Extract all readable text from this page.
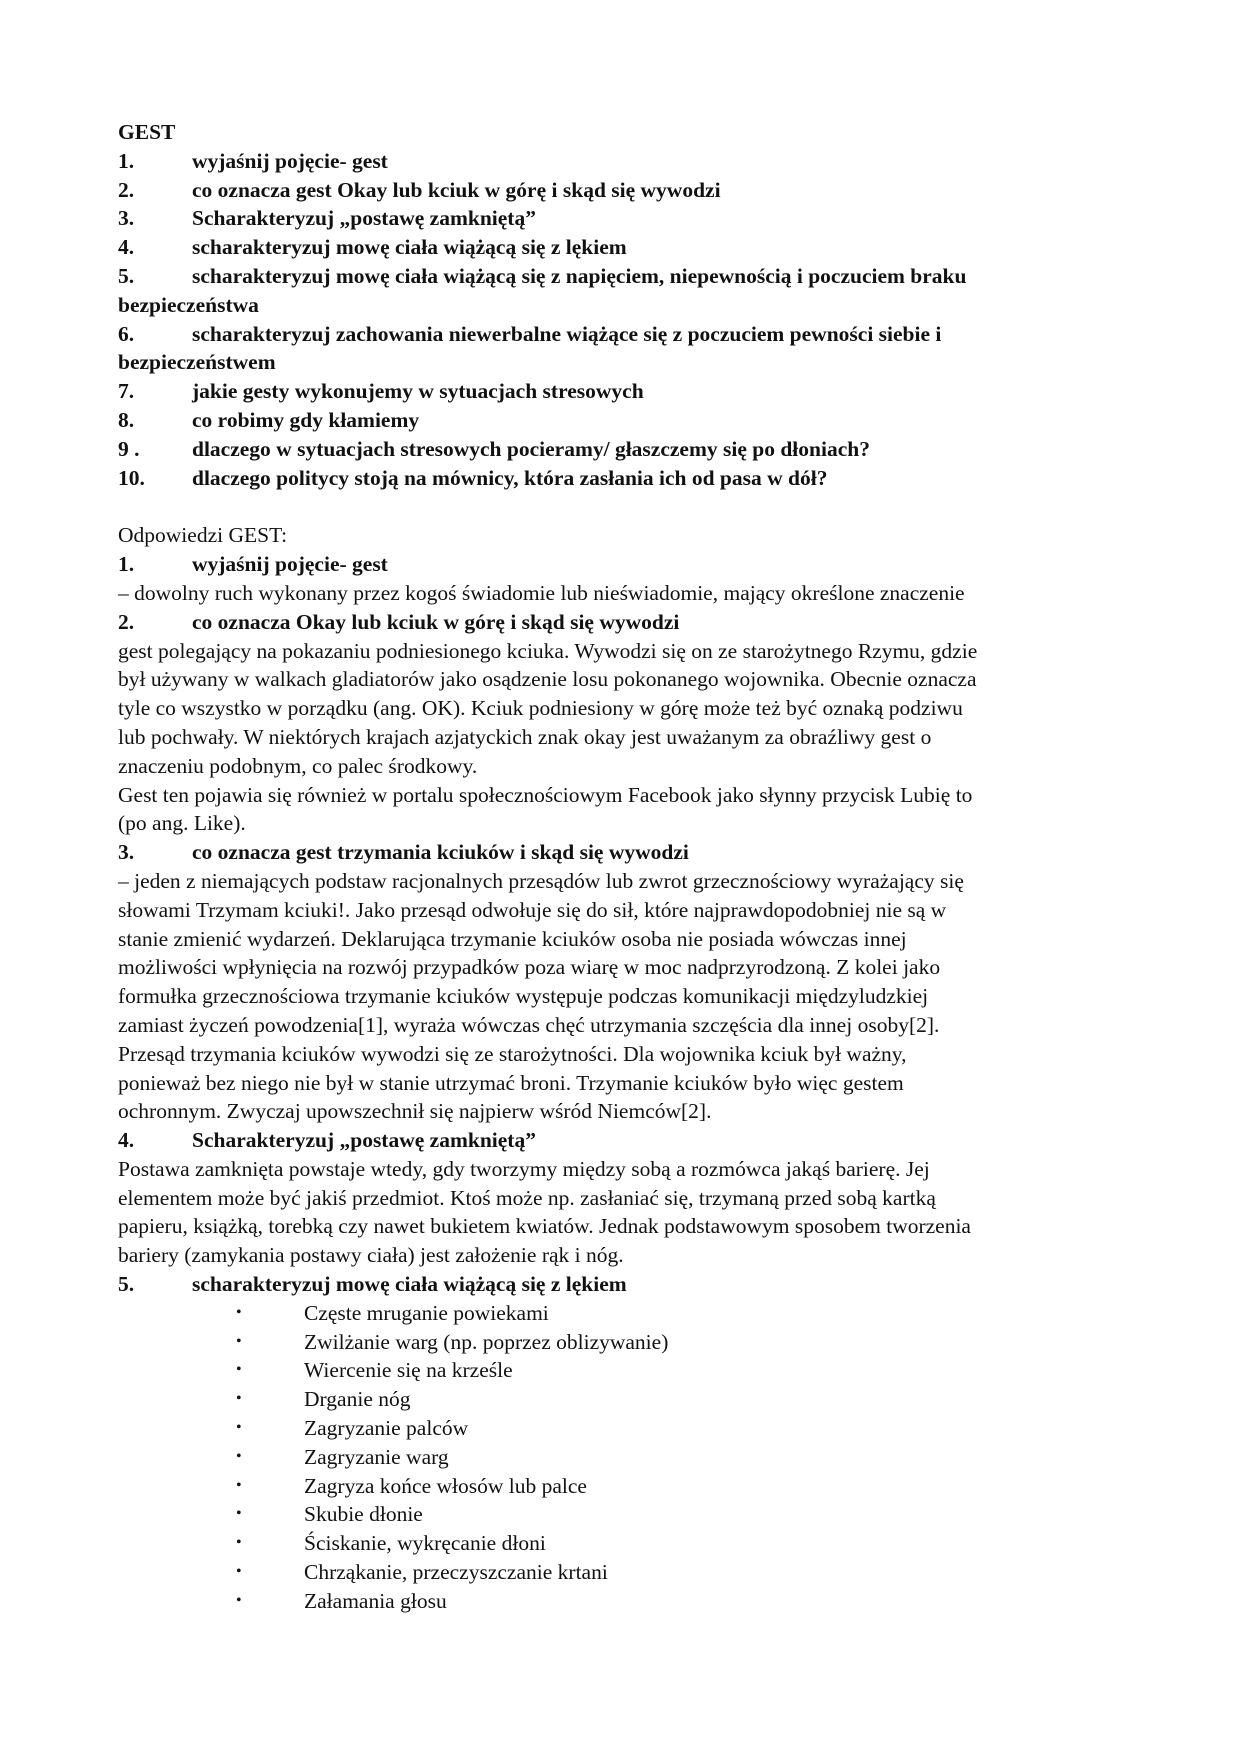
GEST

1.	wyjaśnij pojęcie- gest

2.	co oznacza gest Okay lub kciuk w górę i skąd się wywodzi

3.	Scharakteryzuj „postawę zamkniętą”

4.	scharakteryzuj mowę ciała wiążącą się z lękiem

5.	scharakteryzuj mowę ciała wiążącą się z napięciem, niepewnością i poczuciem braku

bezpieczeństwa

6.	scharakteryzuj zachowania niewerbalne wiążące się z poczuciem pewności siebie i

bezpieczeństwem

7.	jakie gesty wykonujemy w sytuacjach stresowych

8.	co robimy gdy kłamiemy

9 . dlaczego w sytuacjach stresowych pocieramy/ głaszczemy się po dłoniach?

10. dlaczego politycy stoją na mównicy, która zasłania ich od pasa w dół?

Odpowiedzi GEST:

1.	wyjaśnij pojęcie- gest

– dowolny ruch wykonany przez kogoś świadomie lub nieświadomie, mający określone znaczenie

2.	co oznacza Okay lub kciuk w górę i skąd się wywodzi

gest polegający na pokazaniu podniesionego kciuka. Wywodzi się on ze starożytnego Rzymu, gdzie

był używany w walkach gladiatorów jako osądzenie losu pokonanego wojownika. Obecnie oznacza

tyle co wszystko w porządku (ang. OK). Kciuk podniesiony w górę może też być oznaką podziwu

lub pochwały. W niektórych krajach azjatyckich znak okay jest uważanym za obraźliwy gest o

znaczeniu podobnym, co palec środkowy.

Gest ten pojawia się również w portalu społecznościowym Facebook jako słynny przycisk Lubię to

(po ang. Like).

3.	co oznacza gest trzymania kciuków i skąd się wywodzi

– jeden z niemających podstaw racjonalnych przesądów lub zwrot grzecznościowy wyrażający się

słowami Trzymam kciuki!. Jako przesąd odwołuje się do sił, które najprawdopodobniej nie są w

stanie zmienić wydarzeń. Deklarująca trzymanie kciuków osoba nie posiada wówczas innej

możliwości wpłynięcia na rozwój przypadków poza wiarę w moc nadprzyrodzoną. Z kolei jako

formułka grzecznościowa trzymanie kciuków występuje podczas komunikacji międzyludzkiej

zamiast życzeń powodzenia[1], wyraża wówczas chęć utrzymania szczęścia dla innej osoby[2].

Przesąd trzymania kciuków wywodzi się ze starożytności. Dla wojownika kciuk był ważny,

ponieważ bez niego nie był w stanie utrzymać broni. Trzymanie kciuków było więc gestem

ochronnym. Zwyczaj upowszechnił się najpierw wśród Niemców[2].

4.	Scharakteryzuj „postawę zamkniętą”

Postawa zamknięta powstaje wtedy, gdy tworzymy między sobą a rozmówca jakąś barierę. Jej

elementem może być jakiś przedmiot. Ktoś może np. zasłaniać się, trzymaną przed sobą kartką

papieru, książką, torebką czy nawet bukietem kwiatów. Jednak podstawowym sposobem tworzenia

bariery (zamykania postawy ciała) jest założenie rąk i nóg.

5.	scharakteryzuj mowę ciała wiążącą się z lękiem

•	Częste mruganie powiekami
•	Zwilżanie warg (np. poprzez oblizywanie)
•	Wiercenie się na krześle
•	Drganie nóg
•	Zagryzanie palców
•	Zagryzanie warg
•	Zagryza końce włosów lub palce
•	Skubie dłonie
•	Ściskanie, wykręcanie dłoni
•	Chrząkanie, przeczyszczanie krtani
•	Załamania głosu
